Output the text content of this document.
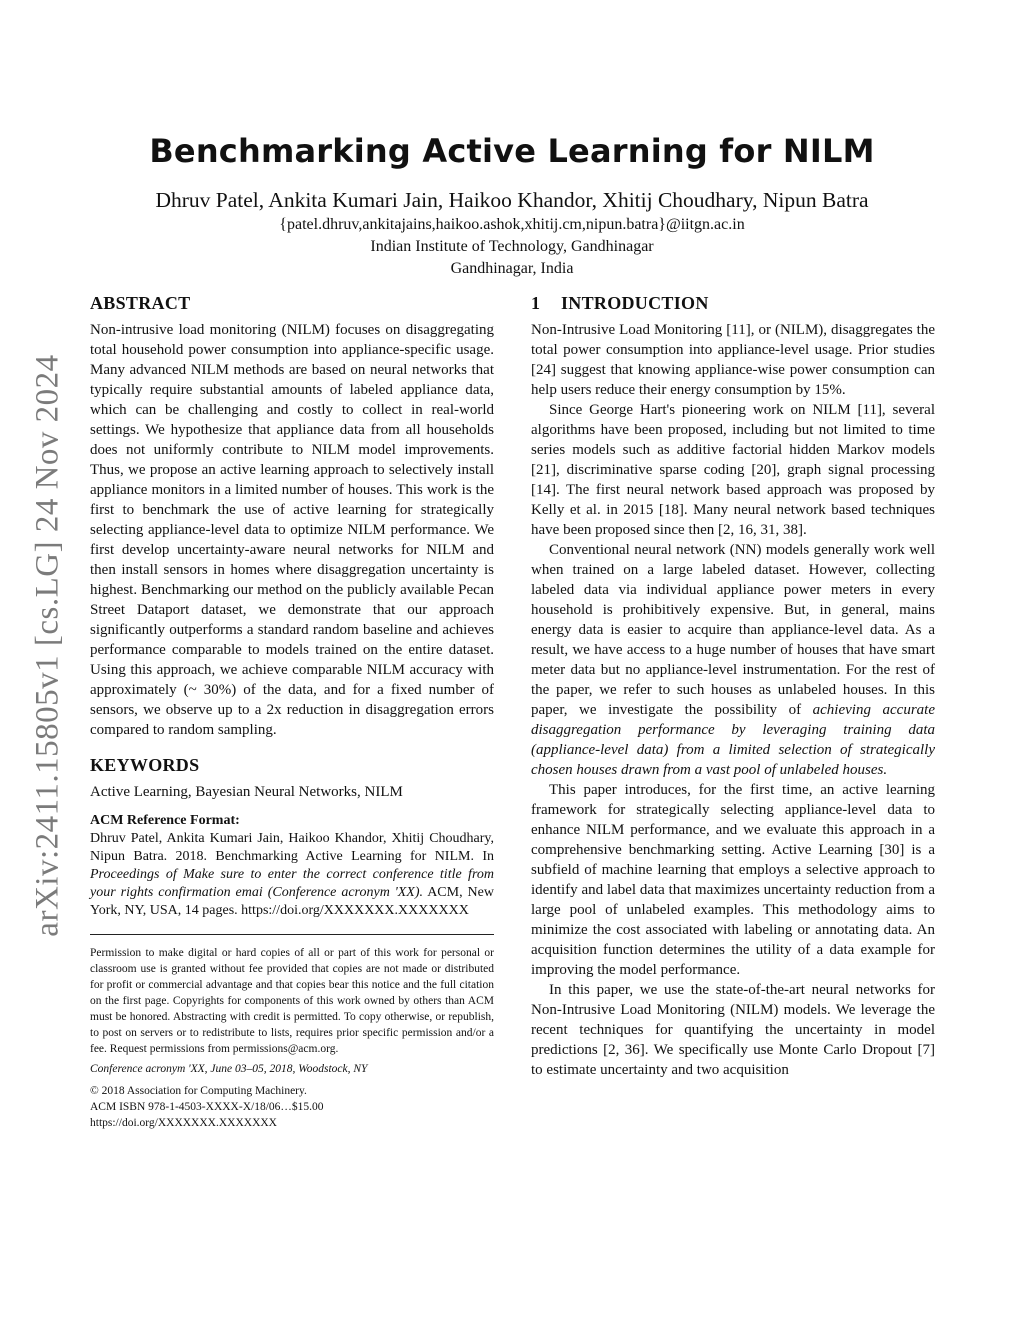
arXiv:2411.15805v1 [cs.LG] 24 Nov 2024
Benchmarking Active Learning for NILM
Dhruv Patel, Ankita Kumari Jain, Haikoo Khandor, Xhitij Choudhary, Nipun Batra
{patel.dhruv,ankitajains,haikoo.ashok,xhitij.cm,nipun.batra}@iitgn.ac.in
Indian Institute of Technology, Gandhinagar
Gandhinagar, India
ABSTRACT

Non-intrusive load monitoring (NILM) focuses on disaggregating total household power consumption into appliance-specific usage. Many advanced NILM methods are based on neural networks that typically require substantial amounts of labeled appliance data, which can be challenging and costly to collect in real-world settings. We hypothesize that appliance data from all households does not uniformly contribute to NILM model improvements. Thus, we propose an active learning approach to selectively install appliance monitors in a limited number of houses. This work is the first to benchmark the use of active learning for strategically selecting appliance-level data to optimize NILM performance. We first develop uncertainty-aware neural networks for NILM and then install sensors in homes where disaggregation uncertainty is highest. Benchmarking our method on the publicly available Pecan Street Dataport dataset, we demonstrate that our approach significantly outperforms a standard random baseline and achieves performance comparable to models trained on the entire dataset. Using this approach, we achieve comparable NILM accuracy with approximately (~ 30%) of the data, and for a fixed number of sensors, we observe up to a 2x reduction in disaggregation errors compared to random sampling.

KEYWORDS

Active Learning, Bayesian Neural Networks, NILM

ACM Reference Format:

Dhruv Patel, Ankita Kumari Jain, Haikoo Khandor, Xhitij Choudhary, Nipun Batra. 2018. Benchmarking Active Learning for NILM. In Proceedings of Make sure to enter the correct conference title from your rights confirmation emai (Conference acronym 'XX). ACM, New York, NY, USA, 14 pages. https://doi.org/XXXXXXX.XXXXXXX

Permission to make digital or hard copies of all or part of this work for personal or classroom use is granted without fee provided that copies are not made or distributed for profit or commercial advantage and that copies bear this notice and the full citation on the first page. Copyrights for components of this work owned by others than ACM must be honored. Abstracting with credit is permitted. To copy otherwise, or republish, to post on servers or to redistribute to lists, requires prior specific permission and/or a fee. Request permissions from permissions@acm.org.

Conference acronym 'XX, June 03–05, 2018, Woodstock, NY
© 2018 Association for Computing Machinery.
ACM ISBN 978-1-4503-XXXX-X/18/06…$15.00
https://doi.org/XXXXXXX.XXXXXXX
1 INTRODUCTION

Non-Intrusive Load Monitoring [11], or (NILM), disaggregates the total power consumption into appliance-level usage. Prior studies [24] suggest that knowing appliance-wise power consumption can help users reduce their energy consumption by 15%.

Since George Hart's pioneering work on NILM [11], several algorithms have been proposed, including but not limited to time series models such as additive factorial hidden Markov models [21], discriminative sparse coding [20], graph signal processing [14]. The first neural network based approach was proposed by Kelly et al. in 2015 [18]. Many neural network based techniques have been proposed since then [2, 16, 31, 38].

Conventional neural network (NN) models generally work well when trained on a large labeled dataset. However, collecting labeled data via individual appliance power meters in every household is prohibitively expensive. But, in general, mains energy data is easier to acquire than appliance-level data. As a result, we have access to a huge number of houses that have smart meter data but no appliance-level instrumentation. For the rest of the paper, we refer to such houses as unlabeled houses. In this paper, we investigate the possibility of achieving accurate disaggregation performance by leveraging training data (appliance-level data) from a limited selection of strategically chosen houses drawn from a vast pool of unlabeled houses.

This paper introduces, for the first time, an active learning framework for strategically selecting appliance-level data to enhance NILM performance, and we evaluate this approach in a comprehensive benchmarking setting. Active Learning [30] is a subfield of machine learning that employs a selective approach to identify and label data that maximizes uncertainty reduction from a large pool of unlabeled examples. This methodology aims to minimize the cost associated with labeling or annotating data. An acquisition function determines the utility of a data example for improving the model performance.

In this paper, we use the state-of-the-art neural networks for Non-Intrusive Load Monitoring (NILM) models. We leverage the recent techniques for quantifying the uncertainty in model predictions [2, 36]. We specifically use Monte Carlo Dropout [7] to estimate uncertainty and two acquisition
